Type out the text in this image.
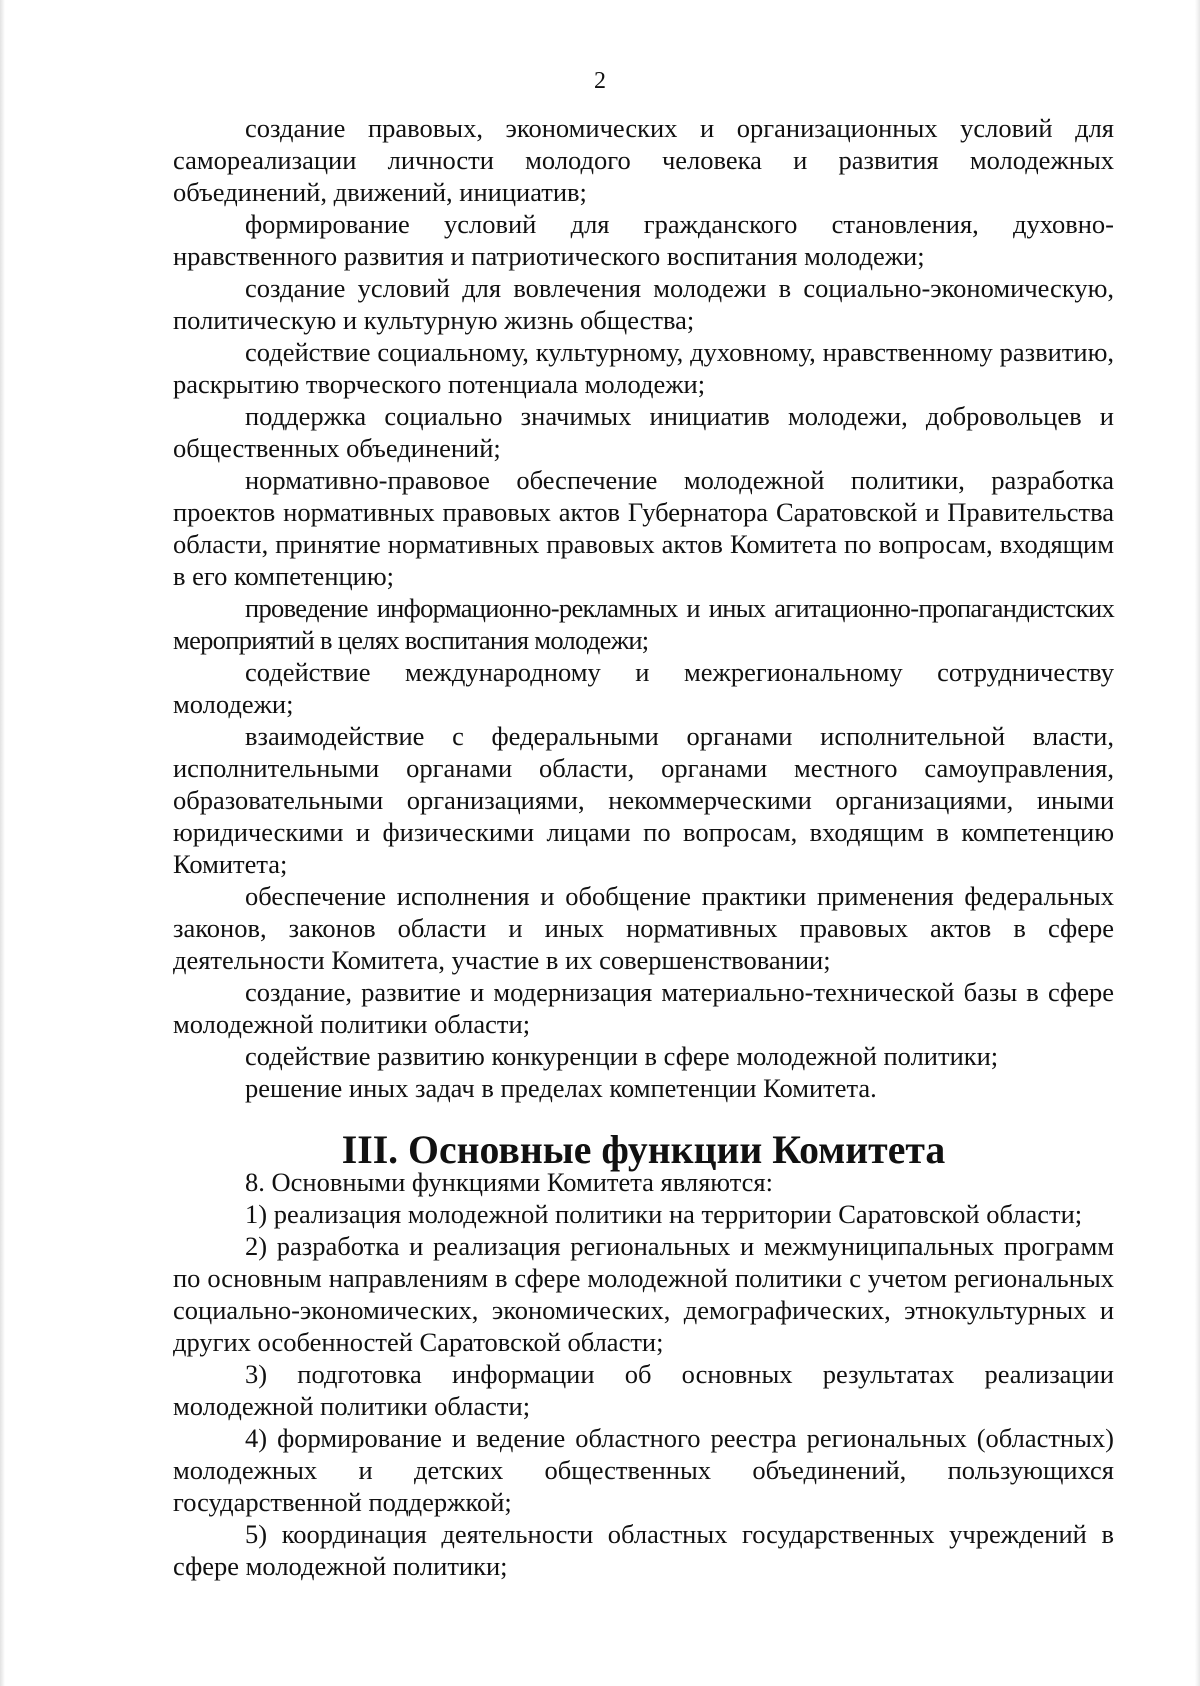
2

создание правовых, экономических и организационных условий для самореализации личности молодого человека и развития молодежных объединений, движений, инициатив;

формирование условий для гражданского становления, духовно-нравственного развития и патриотического воспитания молодежи;

создание условий для вовлечения молодежи в социально-экономическую, политическую и культурную жизнь общества;

содействие социальному, культурному, духовному, нравственному развитию, раскрытию творческого потенциала молодежи;

поддержка социально значимых инициатив молодежи, добровольцев и общественных объединений;

нормативно-правовое обеспечение молодежной политики, разработка проектов нормативных правовых актов Губернатора Саратовской и Правительства области, принятие нормативных правовых актов Комитета по вопросам, входящим в его компетенцию;

проведение информационно-рекламных и иных агитационно-пропагандистских мероприятий в целях воспитания молодежи;

содействие международному и межрегиональному сотрудничеству молодежи;

взаимодействие с федеральными органами исполнительной власти, исполнительными органами области, органами местного самоуправления, образовательными организациями, некоммерческими организациями, иными юридическими и физическими лицами по вопросам, входящим в компетенцию Комитета;

обеспечение исполнения и обобщение практики применения федеральных законов, законов области и иных нормативных правовых актов в сфере деятельности Комитета, участие в их совершенствовании;

создание, развитие и модернизация материально-технической базы в сфере молодежной политики области;

содействие развитию конкуренции в сфере молодежной политики;

решение иных задач в пределах компетенции Комитета.

III. Основные функции Комитета

8. Основными функциями Комитета являются:

1) реализация молодежной политики на территории Саратовской области;

2) разработка и реализация региональных и межмуниципальных программ по основным направлениям в сфере молодежной политики с учетом региональных социально-экономических, экономических, демографических, этнокультурных и других особенностей Саратовской области;

3) подготовка информации об основных результатах реализации молодежной политики области;

4) формирование и ведение областного реестра региональных (областных) молодежных и детских общественных объединений, пользующихся государственной поддержкой;

5) координация деятельности областных государственных учреждений в сфере молодежной политики;
